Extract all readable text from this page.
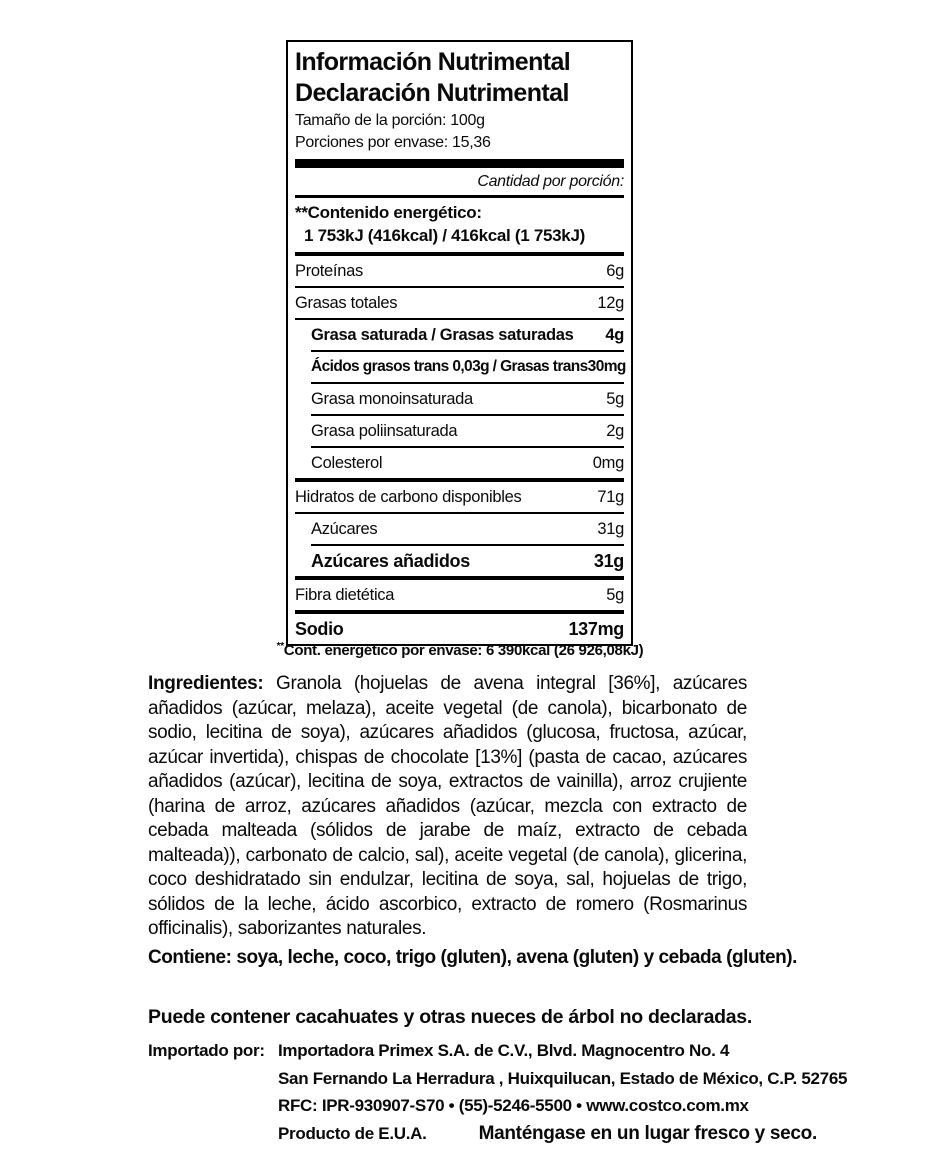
Información Nutrimental
Declaración Nutrimental
Tamaño de la porción: 100g
Porciones por envase: 15,36
Cantidad por porción:
**Contenido energético:
1 753kJ (416kcal) / 416kcal (1 753kJ)
Proteínas	6g
Grasas totales	12g
Grasa saturada / Grasas saturadas 4g
Ácidos grasos trans 0,03g / Grasas trans 30mg
Grasa monoinsaturada	5g
Grasa poliinsaturada	2g
Colesterol	0mg
Hidratos de carbono disponibles	71g
Azúcares	31g
Azúcares añadidos	31g
Fibra dietética	5g
Sodio	137mg
**Cont. energético por envase: 6 390kcal (26 926,08kJ)

Ingredientes: Granola (hojuelas de avena integral [36%], azúcares añadidos (azúcar, melaza), aceite vegetal (de canola), bicarbonato de sodio, lecitina de soya), azúcares añadidos (glucosa, fructosa, azúcar, azúcar invertida), chispas de chocolate [13%] (pasta de cacao, azúcares añadidos (azúcar), lecitina de soya, extractos de vainilla), arroz crujiente (harina de arroz, azúcares añadidos (azúcar, mezcla con extracto de cebada malteada (sólidos de jarabe de maíz, extracto de cebada malteada)), carbonato de calcio, sal), aceite vegetal (de canola), glicerina, coco deshidratado sin endulzar, lecitina de soya, sal, hojuelas de trigo, sólidos de la leche, ácido ascorbico, extracto de romero (Rosmarinus officinalis), saborizantes naturales.

Contiene: soya, leche, coco, trigo (gluten), avena (gluten) y cebada (gluten).

Puede contener cacahuates y otras nueces de árbol no declaradas.

Importado por: Importadora Primex S.A. de C.V., Blvd. Magnocentro No. 4
San Fernando La Herradura , Huixquilucan, Estado de México, C.P. 52765
RFC: IPR-930907-S70 • (55)-5246-5500 • www.costco.com.mx
Producto de E.U.A.	Manténgase en un lugar fresco y seco.
